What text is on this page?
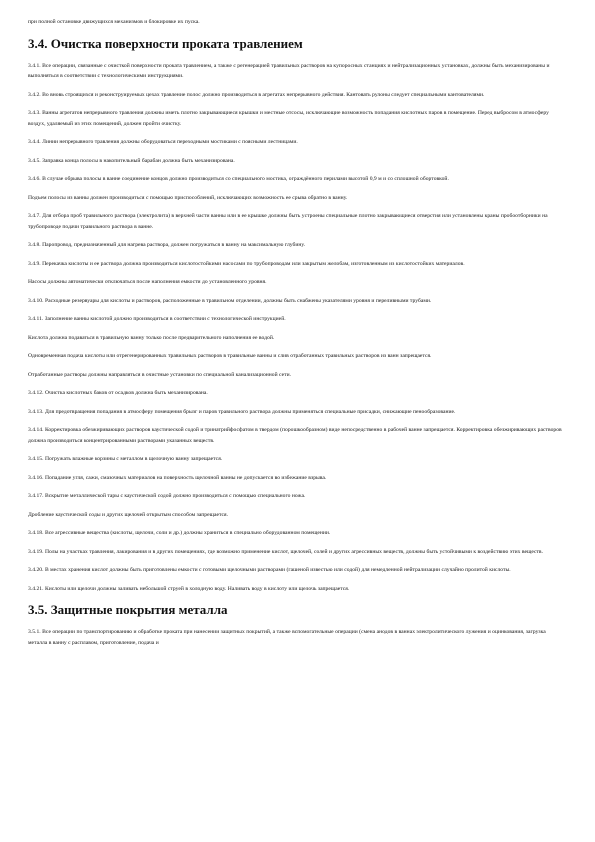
при полной остановке движущихся механизмов и блокировке их пуска.

3.4. Очистка поверхности проката травлением

3.4.1. Все операции, связанные с очисткой поверхности проката травлением, а также с регенерацией травильных растворов на купоросных станциях и нейтрализационных установках, должны быть механизированы и выполняться в соответствии с технологическими инструкциями.

3.4.2. Во вновь строящихся и реконструируемых цехах травление полос должно производиться в агрегатах непрерывного действия. Кантовать рулоны следует специальными кантователями.

3.4.3. Ванны агрегатов непрерывного травления должны иметь плотно закрывающиеся крышки и местные отсосы, исключающие возможность попадания кислотных паров в помещение. Перед выбросом в атмосферу воздух, удаляемый из этих помещений, должен пройти очистку.

3.4.4. Линии непрерывного травления должны оборудоваться переходными мостиками с поясными лестницами.

3.4.5. Заправка конца полосы в накопительный барабан должна быть механизирована.

3.4.6. В случае обрыва полосы в ванне соединение концов должно производиться со специального мостика, ограждённого перилами высотой 0,9 м и со сплошной обортовкой.

Подъем полосы из ванны должен производиться с помощью приспособлений, исключающих возможность ее срыва обратно в ванну.

3.4.7. Для отбора проб травильного раствора (электролита) в верхней части ванны или в ее крышке должны быть устроены специальные плотно закрывающиеся отверстия или установлены краны пробоотборники на трубопроводе подачи травильного раствора в ванне.

3.4.8. Паропровод, предназначенный для нагрева раствора, должен погружаться в ванну на максимальную глубину.

3.4.9. Перекачка кислоты и ее раствора должна производиться кислотостойкими насосами по трубопроводам или закрытым желобам, изготовленным из кислотостойких материалов.

Насосы должны автоматически отключаться после наполнения емкости до установленного уровня.

3.4.10. Расходные резервуары для кислоты и растворов, расположенные в травильном отделении, должны быть снабжены указателями уровня и переливными трубами.

3.4.11. Заполнение ванны кислотой должно производиться в соответствии с технологической инструкцией.

Кислота должна подаваться в травильную ванну только после предварительного наполнения ее водой.

Одновременная подача кислоты или отрегенерированных травильных растворов в травильные ванны и слив отработанных травильных растворов из ванн запрещается.

Отработанные растворы должны направляться в очистные установки по специальной канализационной сети.

3.4.12. Очистка кислотных баков от осадков должна быть механизирована.

3.4.13. Для предотвращения попадания в атмосферу помещения брызг и паров травильного раствора должны применяться специальные присадки, снижающие пенообразование.

3.4.14. Корректировка обезжиривающих растворов каустической содой и тринатрийфосфатом в твердом (порошкообразном) виде непосредственно в рабочей ванне запрещается. Корректировка обезжиривающих растворов должна производиться концентрированными растворами указанных веществ.

3.4.15. Погружать влажные корзины с металлом в щелочную ванну запрещается.

3.4.16. Попадание угля, сажи, смазочных материалов на поверхность щелочной ванны не допускается во избежание взрыва.

3.4.17. Вскрытие металлической тары с каустической содой должно производиться с помощью специального ножа.

Дробление каустической соды и других щелочей открытым способом запрещается.

3.4.18. Все агрессивные вещества (кислоты, щелочи, соли и др.) должны храниться в специально оборудованном помещении.

3.4.19. Полы на участках травления, лакирования и в других помещениях, где возможно применение кислот, щелочей, солей и других агрессивных веществ, должны быть устойчивыми к воздействию этих веществ.

3.4.20. В местах хранения кислот должны быть приготовлены емкости с готовыми щелочными растворами (гашеной известью или содой) для немедленной нейтрализации случайно пролитой кислоты.

3.4.21. Кислоты или щелочи должны заливать небольшой струей в холодную воду. Наливать воду в кислоту или щелочь запрещается.

3.5. Защитные покрытия металла

3.5.1. Все операции по транспортированию и обработке проката при нанесении защитных покрытий, а также вспомогательные операции (смена анодов в ваннах электролитического лужения и оцинкования, загрузка металла в ванну с расплавом, приготовление, подача и
